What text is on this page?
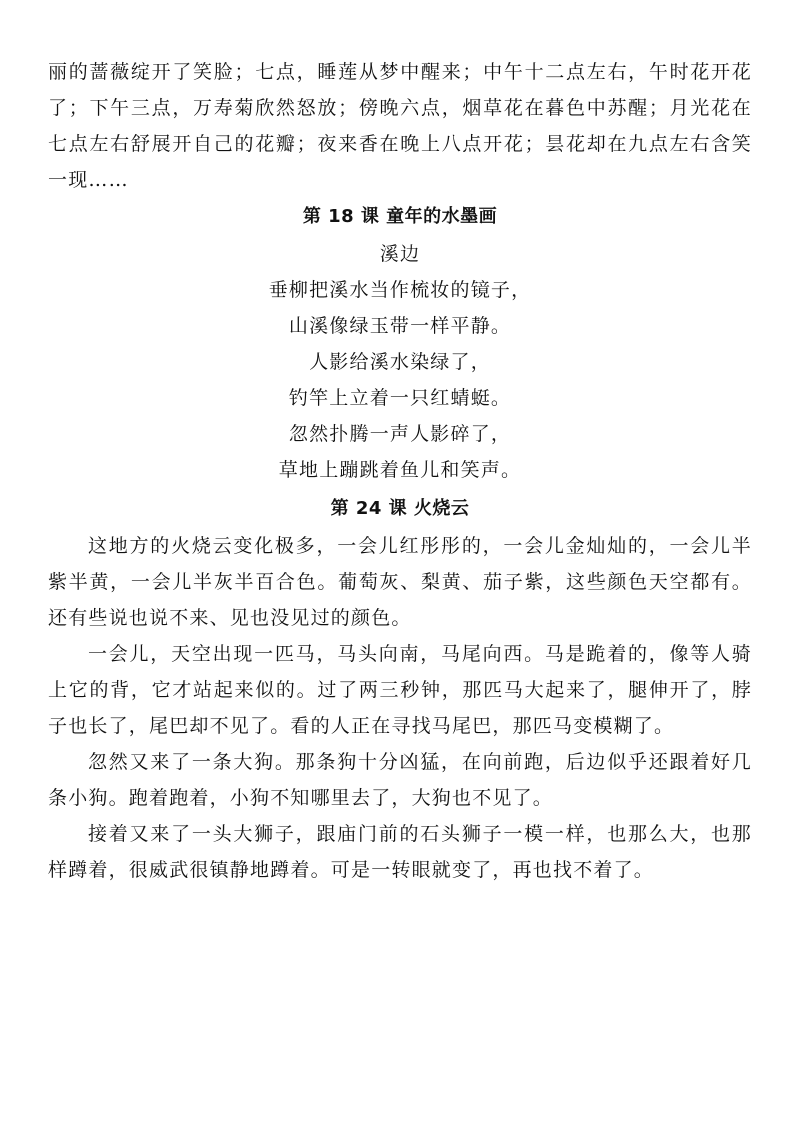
丽的蔷薇绽开了笑脸；七点，睡莲从梦中醒来；中午十二点左右，午时花开花了；下午三点，万寿菊欣然怒放；傍晚六点，烟草花在暮色中苏醒；月光花在七点左右舒展开自己的花瓣；夜来香在晚上八点开花；昙花却在九点左右含笑一现……

第 18 课 童年的水墨画

溪边

垂柳把溪水当作梳妆的镜子，
山溪像绿玉带一样平静。
人影给溪水染绿了，
钓竿上立着一只红蜻蜓。
忽然扑腾一声人影碎了，
草地上蹦跳着鱼儿和笑声。
第 24 课 火烧云

这地方的火烧云变化极多，一会儿红彤彤的，一会儿金灿灿的，一会儿半紫半黄，一会儿半灰半百合色。葡萄灰、梨黄、茄子紫，这些颜色天空都有。还有些说也说不来、见也没见过的颜色。

一会儿，天空出现一匹马，马头向南，马尾向西。马是跪着的，像等人骑上它的背，它才站起来似的。过了两三秒钟，那匹马大起来了，腿伸开了，脖子也长了，尾巴却不见了。看的人正在寻找马尾巴，那匹马变模糊了。

忽然又来了一条大狗。那条狗十分凶猛，在向前跑，后边似乎还跟着好几条小狗。跑着跑着，小狗不知哪里去了，大狗也不见了。

接着又来了一头大狮子，跟庙门前的石头狮子一模一样，也那么大，也那样蹲着，很威武很镇静地蹲着。可是一转眼就变了，再也找不着了。
